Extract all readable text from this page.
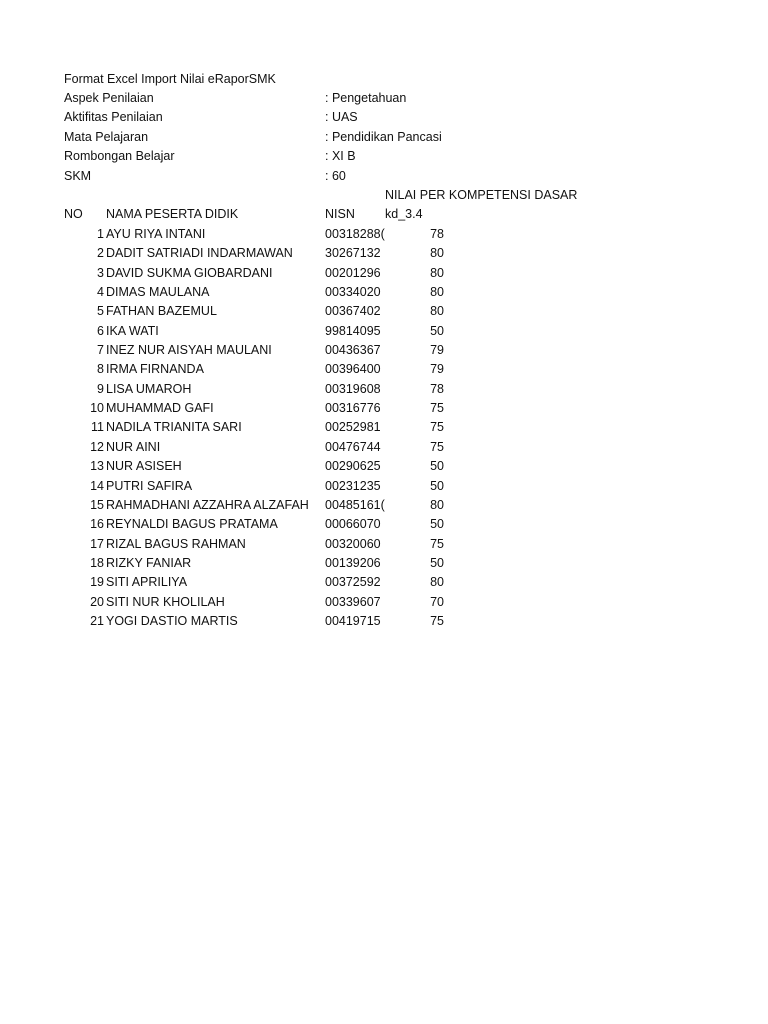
Format Excel Import Nilai eRaporSMK
Aspek Penilaian	: Pengetahuan
Aktifitas Penilaian	: UAS
Mata Pelajaran	: Pendidikan Pancasi
Rombongan Belajar	: XI B
SKM	: 60
NILAI PER KOMPETENSI DASAR
NO NAMA PESERTA DIDIK	NISN kd_3.4
1 AYU RIYA INTANI	00318288(	78
2 DADIT SATRIADI INDARMAWAN	30267132	80
3 DAVID SUKMA GIOBARDANI	00201296	80
4 DIMAS MAULANA	00334020	80
5 FATHAN BAZEMUL	00367402	80
6 IKA WATI	99814095	50
7 INEZ NUR AISYAH MAULANI	00436367	79
8 IRMA FIRNANDA	00396400	79
9 LISA UMAROH	00319608	78
10 MUHAMMAD GAFI	00316776	75
11 NADILA TRIANITA SARI	00252981	75
12 NUR AINI	00476744	75
13 NUR ASISEH	00290625	50
14 PUTRI SAFIRA	00231235	50
15 RAHMADHANI AZZAHRA ALZAFAH	00485161(	80
16 REYNALDI BAGUS PRATAMA	00066070	50
17 RIZAL BAGUS RAHMAN	00320060	75
18 RIZKY FANIAR	00139206	50
19 SITI APRILIYA	00372592	80
20 SITI NUR KHOLILAH	00339607	70
21 YOGI DASTIO MARTIS	00419715	75
